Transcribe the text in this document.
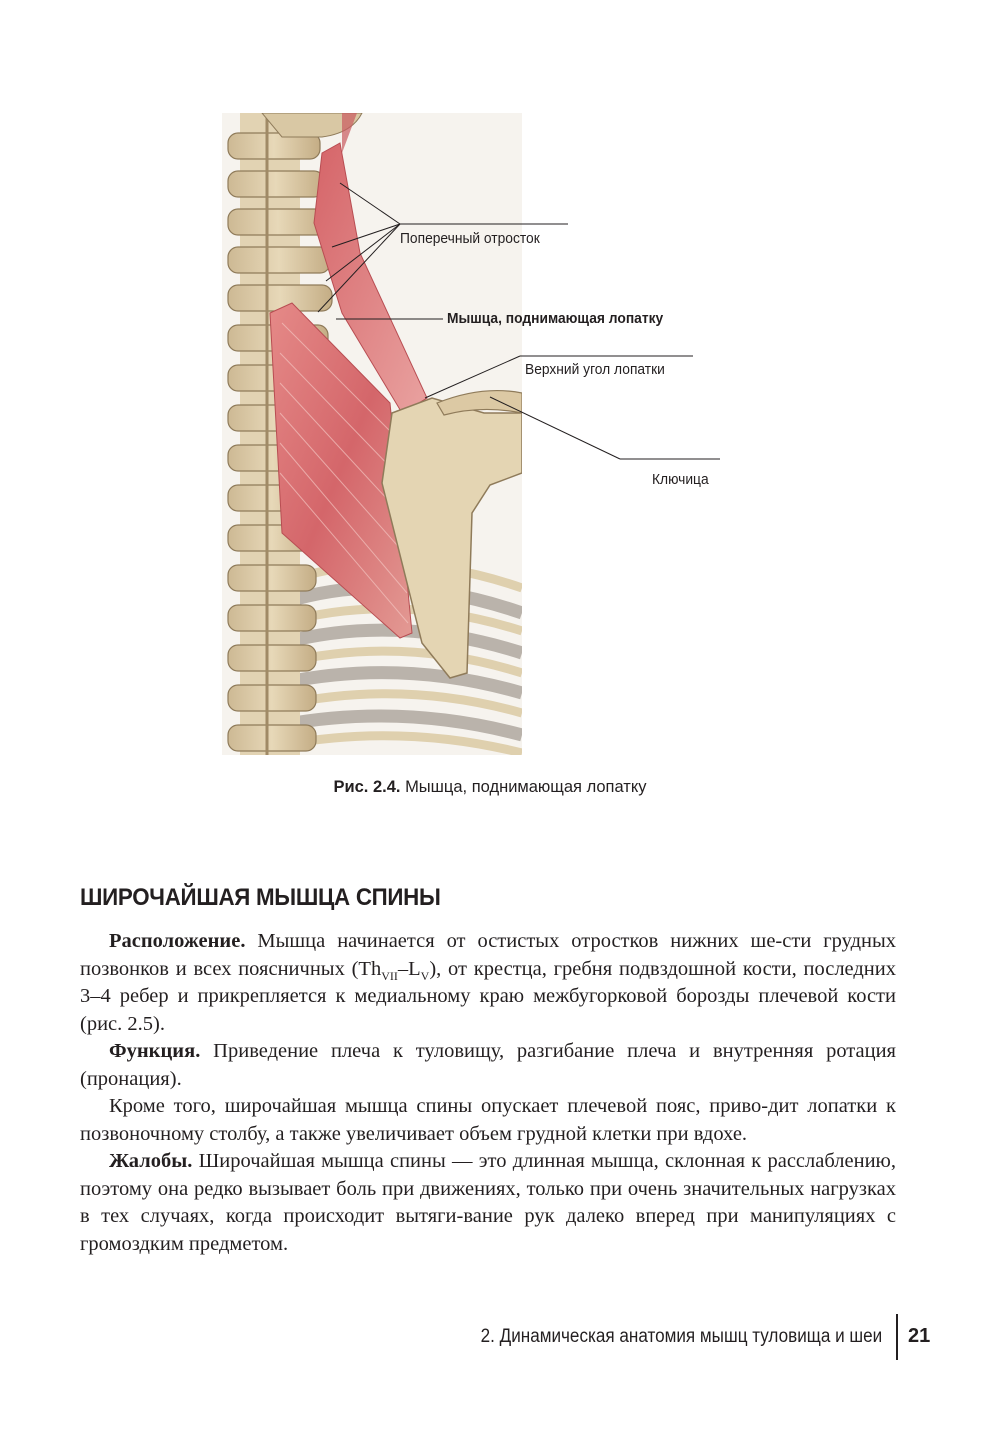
Поперечный отросток
Мышца, поднимающая лопатку
Верхний угол лопатки
Ключица
Рис. 2.4. Мышца, поднимающая лопатку
ШИРОЧАЙШАЯ МЫШЦА СПИНЫ

Расположение. Мышца начинается от остистых отростков нижних ше-сти грудных позвонков и всех поясничных $(Th_{VII}-L_V)$, от крестца, гребня подвздошной кости, последних 3–4 ребер и прикрепляется к медиальному краю межбугорковой борозды плечевой кости (рис. 2.5).

Функция. Приведение плеча к туловищу, разгибание плеча и внутренняя ротация (пронация).

Кроме того, широчайшая мышца спины опускает плечевой пояс, приво-дит лопатки к позвоночному столбу, а также увеличивает объем грудной клетки при вдохе.

Жалобы. Широчайшая мышца спины — это длинная мышца, склонная к расслаблению, поэтому она редко вызывает боль при движениях, только при очень значительных нагрузках в тех случаях, когда происходит вытяги-вание рук далеко вперед при манипуляциях с громоздким предметом.

2. Динамическая анатомия мышц туловища и шеи 21
